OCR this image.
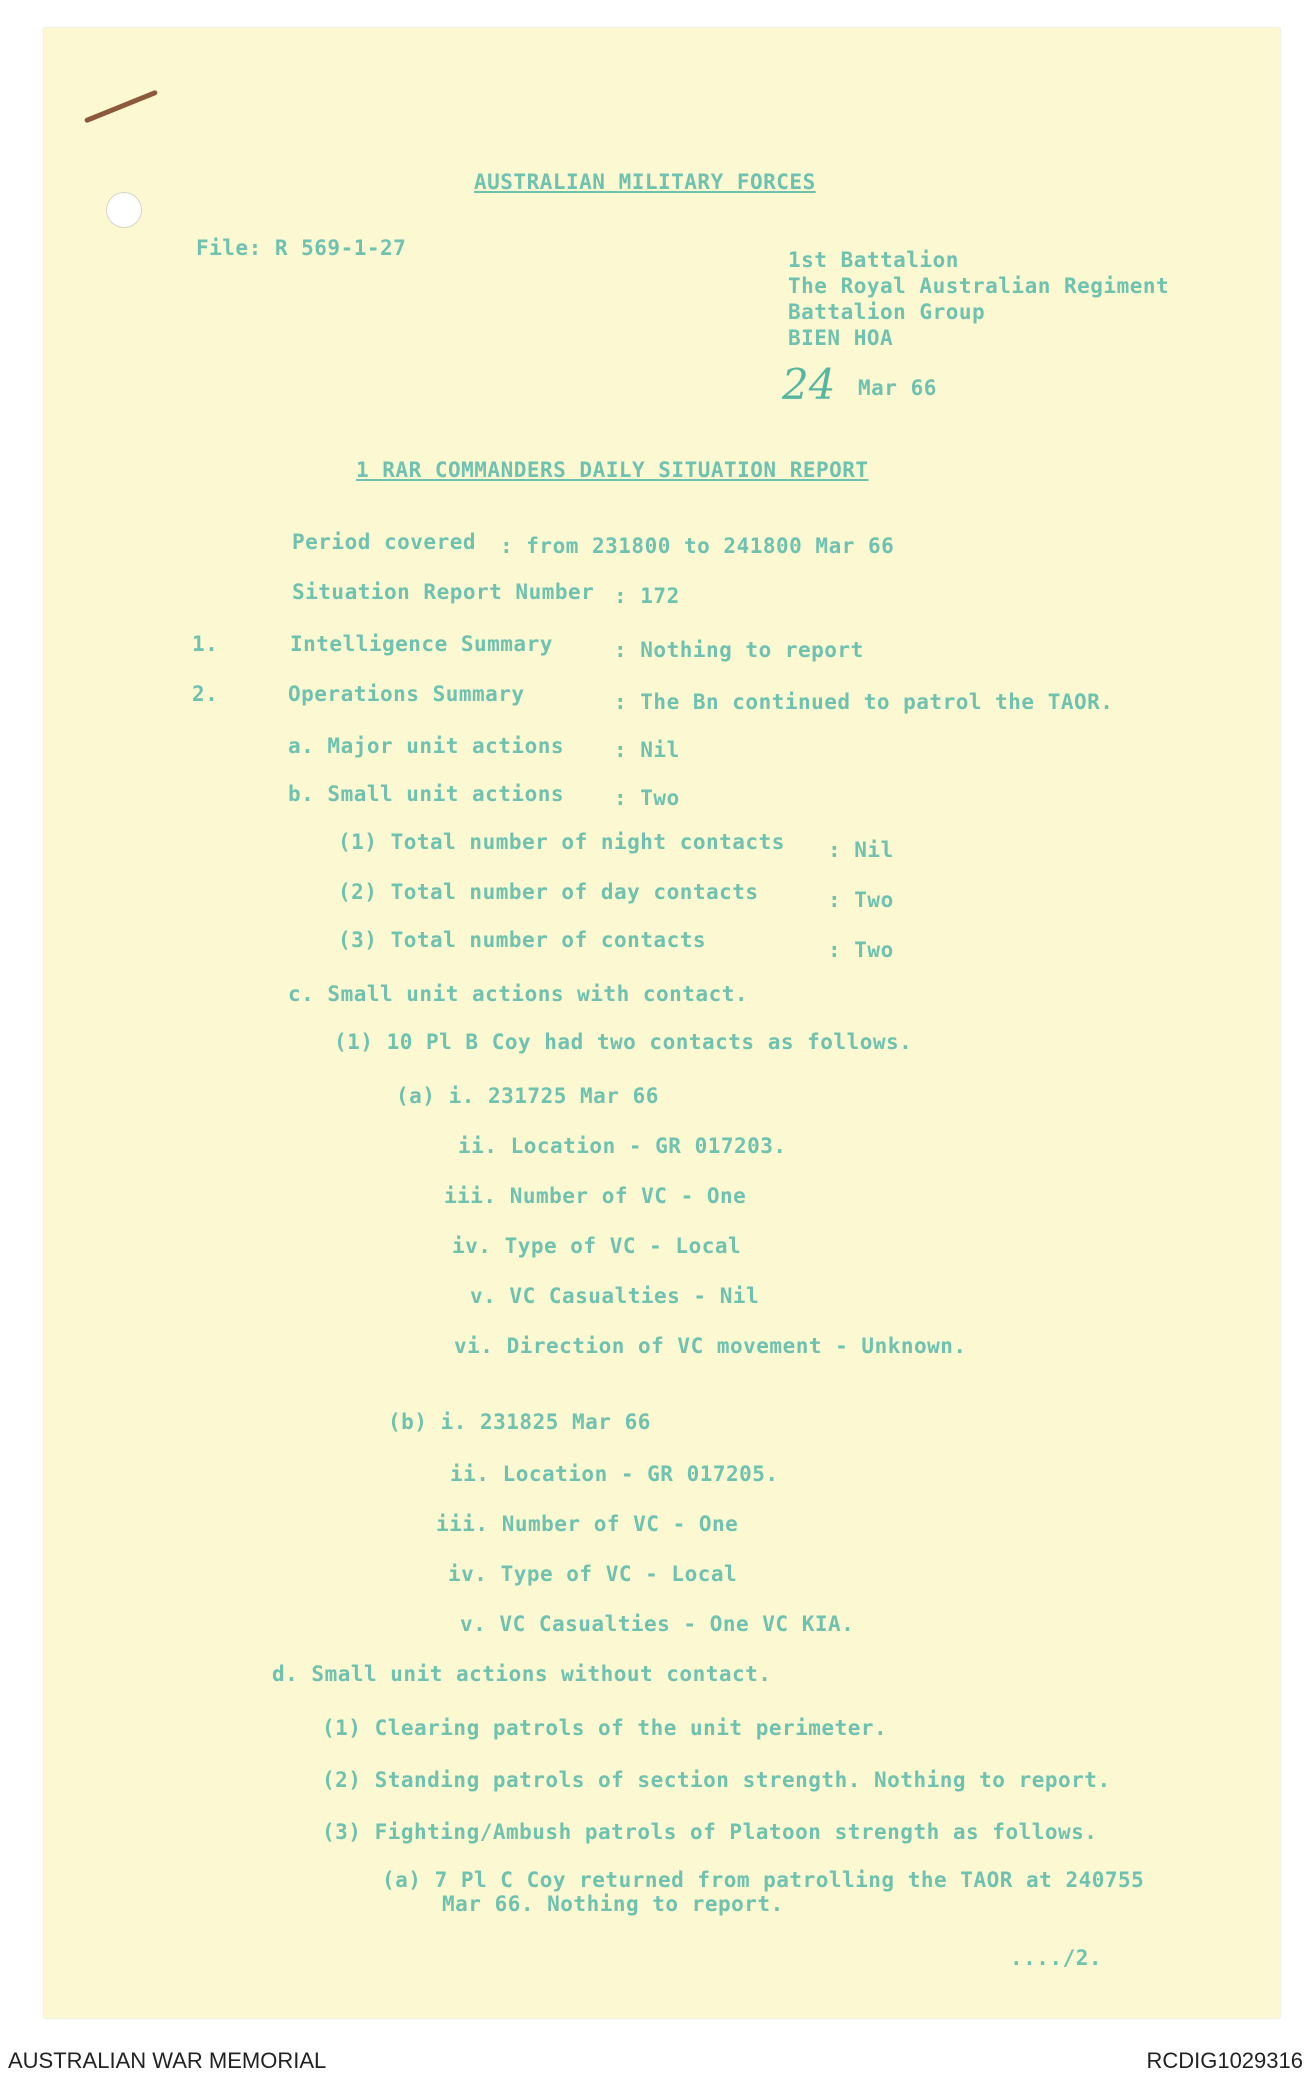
AUSTRALIAN MILITARY FORCES
File: R 569-1-27	1st Battalion
The Royal Australian Regiment
Battalion Group
BIEN HOA
24 Mar 66
1 RAR COMMANDERS DAILY SITUATION REPORT
Period covered : from 231800 to 241800 Mar 66
Situation Report Number : 172
1.	Intelligence Summary	: Nothing to report
2.	Operations Summary	: The Bn continued to patrol the TAOR.
a. Major unit actions : Nil
b. Small unit actions : Two
(1) Total number of night contacts : Nil
(2) Total number of day contacts	: Two
(3) Total number of contacts	: Two
c. Small unit actions with contact.
(1) 10 Pl B Coy had two contacts as follows.
(a) i. 231725 Mar 66
ii. Location - GR 017203.
iii. Number of VC - One
iv. Type of VC - Local
v. VC Casualties - Nil
vi. Direction of VC movement - Unknown.
(b) i. 231825 Mar 66
ii. Location - GR 017205.
iii. Number of VC - One
iv. Type of VC - Local
v. VC Casualties - One VC KIA.
d. Small unit actions without contact.
(1) Clearing patrols of the unit perimeter.
(2) Standing patrols of section strength. Nothing to report.
(3) Fighting/Ambush patrols of Platoon strength as follows.
(a) 7 Pl C Coy returned from patrolling the TAOR at 240755
Mar 66. Nothing to report.
..../2.
AUSTRALIAN WAR MEMORIAL	RCDIG1029316
